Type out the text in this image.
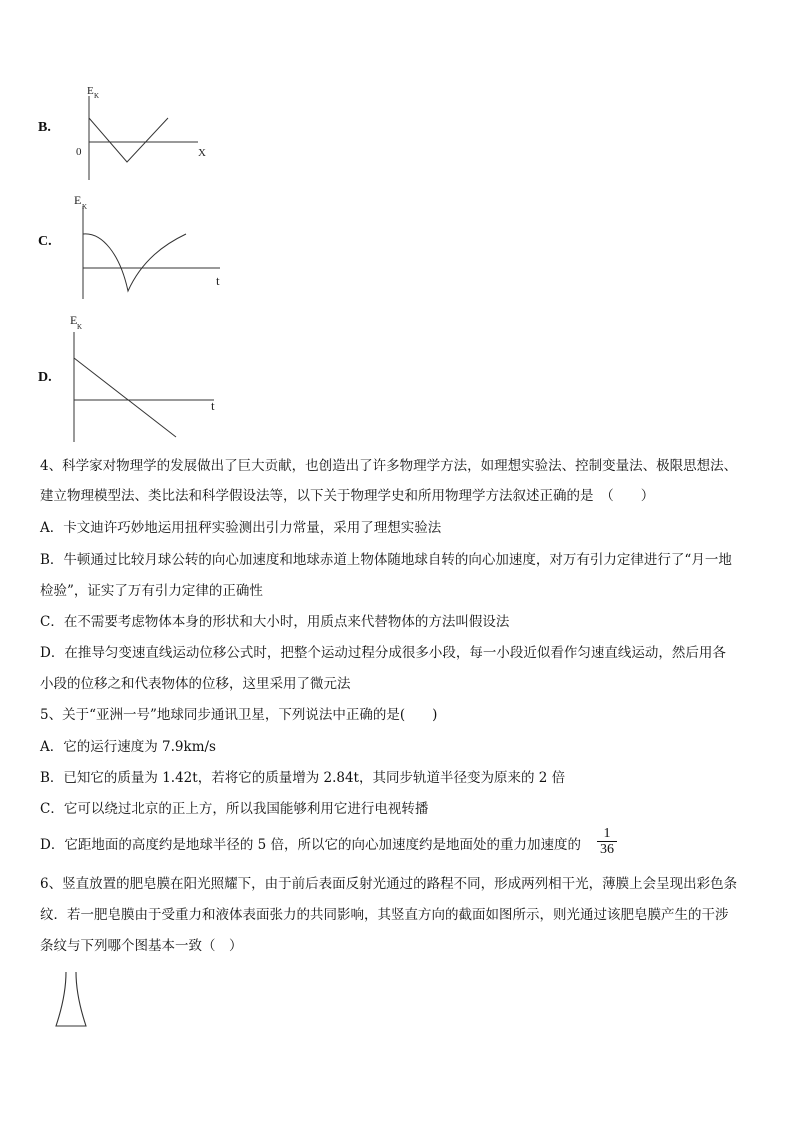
B.
E K
0	X
C.
E K
t
D.
E K
t
4、科学家对物理学的发展做出了巨大贡献，也创造出了许多物理学方法，如理想实验法、控制变量法、极限思想法、
建立物理模型法、类比法和科学假设法等，以下关于物理学史和所用物理学方法叙述正确的是　（　　）
A．卡文迪许巧妙地运用扭秤实验测出引力常量，采用了理想实验法
B．牛顿通过比较月球公转的向心加速度和地球赤道上物体随地球自转的向心加速度，对万有引力定律进行了“月一地
检验”，证实了万有引力定律的正确性
C．在不需要考虑物体本身的形状和大小时，用质点来代替物体的方法叫假设法
D．在推导匀变速直线运动位移公式时，把整个运动过程分成很多小段，每一小段近似看作匀速直线运动，然后用各
小段的位移之和代表物体的位移，这里采用了微元法
5、关于“亚洲一号”地球同步通讯卫星，下列说法中正确的是(　　)
A．它的运行速度为 7.9km/s
B．已知它的质量为 1.42t，若将它的质量增为 2.84t，其同步轨道半径变为原来的 2 倍
C．它可以绕过北京的正上方，所以我国能够利用它进行电视转播
D．它距地面的高度约是地球半径的 5 倍，所以它的向心加速度约是地面处的重力加速度的
1
36
6、竖直放置的肥皂膜在阳光照耀下，由于前后表面反射光通过的路程不同，形成两列相干光，薄膜上会呈现出彩色条
纹．若一肥皂膜由于受重力和液体表面张力的共同影响，其竖直方向的截面如图所示，则光通过该肥皂膜产生的干涉
条纹与下列哪个图基本一致（　）
